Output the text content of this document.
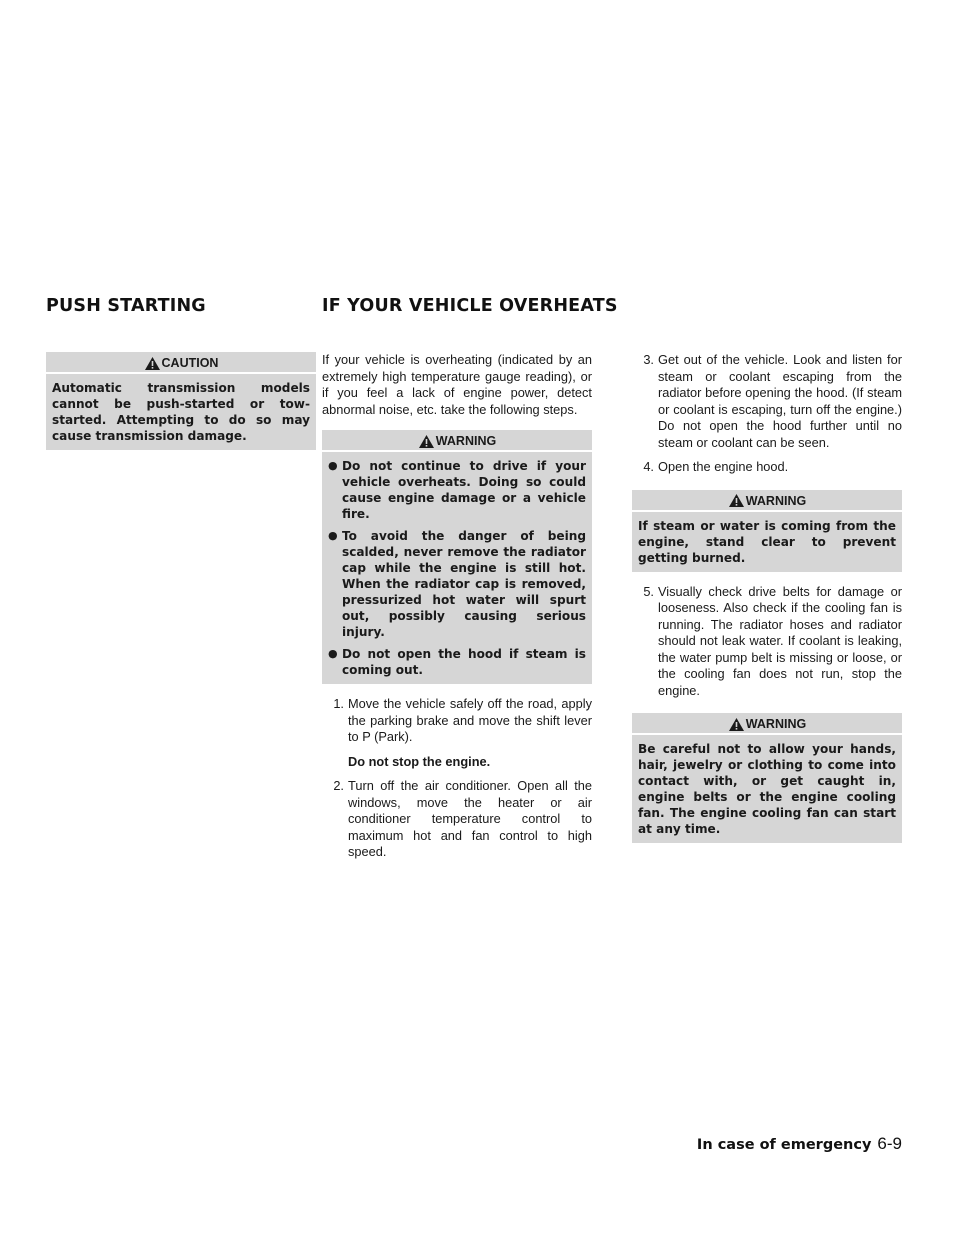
PUSH STARTING	IF YOUR VEHICLE OVERHEATS
CAUTION

Automatic transmission models cannot be push-started or tow-started. Attempting to do so may cause transmission damage.

If your vehicle is overheating (indicated by an extremely high temperature gauge reading), or if you feel a lack of engine power, detect abnormal noise, etc. take the following steps.

WARNING
● Do not continue to drive if your vehicle overheats. Doing so could cause engine damage or a vehicle fire.
● To avoid the danger of being scalded, never remove the radiator cap while the engine is still hot. When the radiator cap is removed, pressurized hot water will spurt out, possibly causing serious injury.
● Do not open the hood if steam is coming out.
1. Move the vehicle safely off the road, apply the parking brake and move the shift lever to P (Park).
Do not stop the engine.
2. Turn off the air conditioner. Open all the windows, move the heater or air conditioner temperature control to maximum hot and fan control to high speed.
3. Get out of the vehicle. Look and listen for steam or coolant escaping from the radiator before opening the hood. (If steam or coolant is escaping, turn off the engine.) Do not open the hood further until no steam or coolant can be seen.
4. Open the engine hood.
WARNING

If steam or water is coming from the engine, stand clear to prevent getting burned.

5. Visually check drive belts for damage or looseness. Also check if the cooling fan is running. The radiator hoses and radiator should not leak water. If coolant is leaking, the water pump belt is missing or loose, or the cooling fan does not run, stop the engine.
WARNING

Be careful not to allow your hands, hair, jewelry or clothing to come into contact with, or get caught in, engine belts or the engine cooling fan. The engine cooling fan can start at any time.

In case of emergency 6-9
